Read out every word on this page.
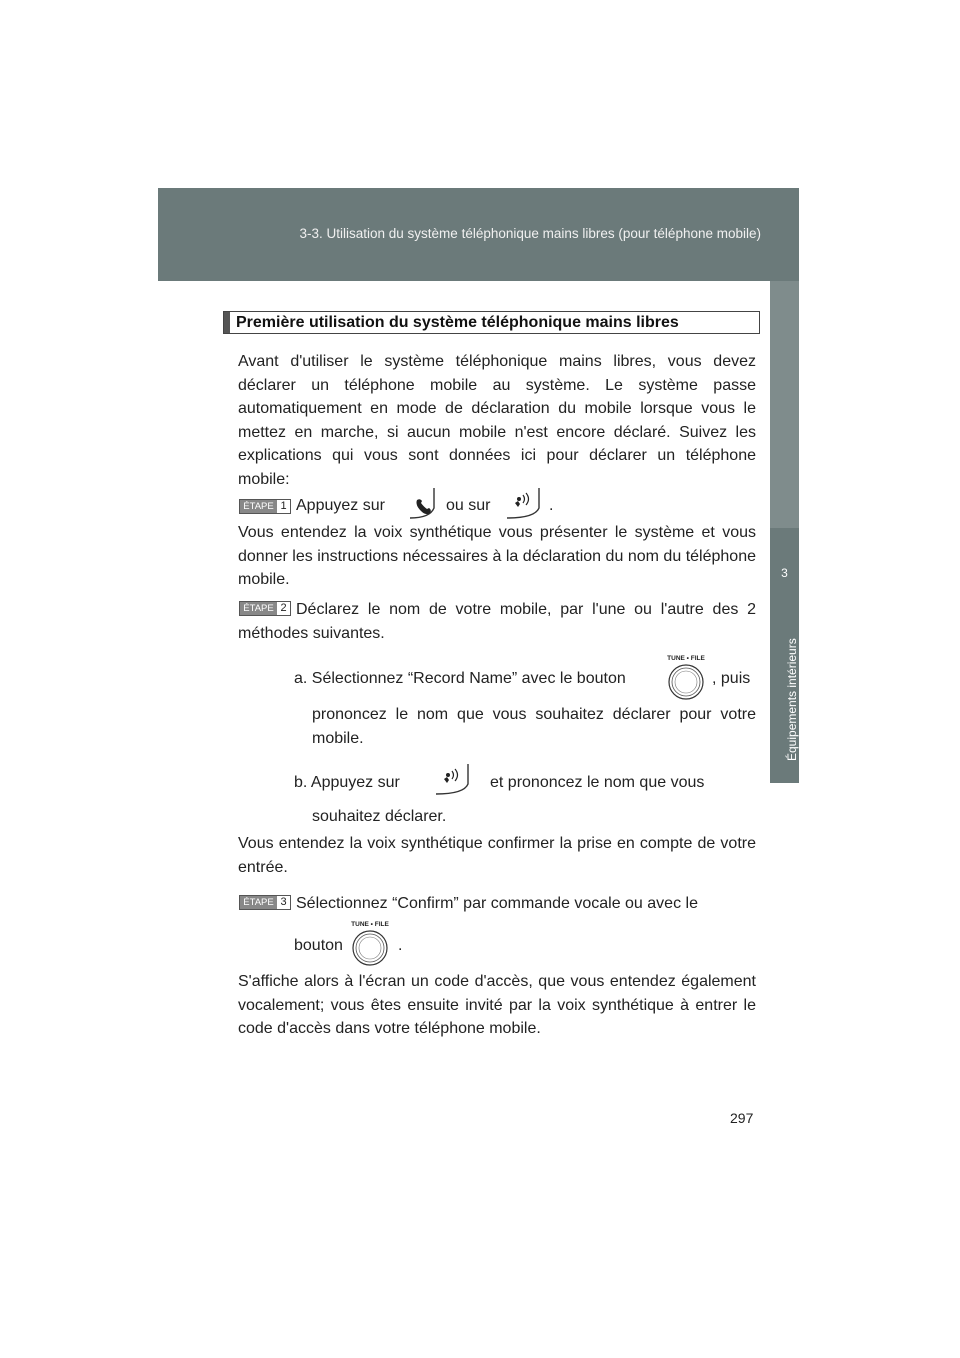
3-3. Utilisation du système téléphonique mains libres (pour téléphone mobile)
3
Équipements intérieurs
Première utilisation du système téléphonique mains libres
Avant d'utiliser le système téléphonique mains libres, vous devez déclarer un téléphone mobile au système. Le système passe automatiquement en mode de déclaration du mobile lorsque vous le mettez en marche, si aucun mobile n'est encore déclaré. Suivez les explications qui vous sont données ici pour déclarer un téléphone mobile:
ÉTAPE 1 Appuyez sur	ou sur	.
Vous entendez la voix synthétique vous présenter le système et vous donner les instructions nécessaires à la déclaration du nom du téléphone mobile.
ÉTAPE 2 Déclarez le nom de votre mobile, par l'une ou l'autre des 2 méthodes suivantes.
a. Sélectionnez “Record Name” avec le bouton
TUNE • FILE
, puis
prononcez le nom que vous souhaitez déclarer pour votre mobile.
b. Appuyez sur	et prononcez le nom que vous
souhaitez déclarer.
Vous entendez la voix synthétique confirmer la prise en compte de votre entrée.
ÉTAPE 3 Sélectionnez “Confirm” par commande vocale ou avec le
bouton
TUNE • FILE
.
S'affiche alors à l'écran un code d'accès, que vous entendez également vocalement; vous êtes ensuite invité par la voix synthétique à entrer le code d'accès dans votre téléphone mobile.
297
